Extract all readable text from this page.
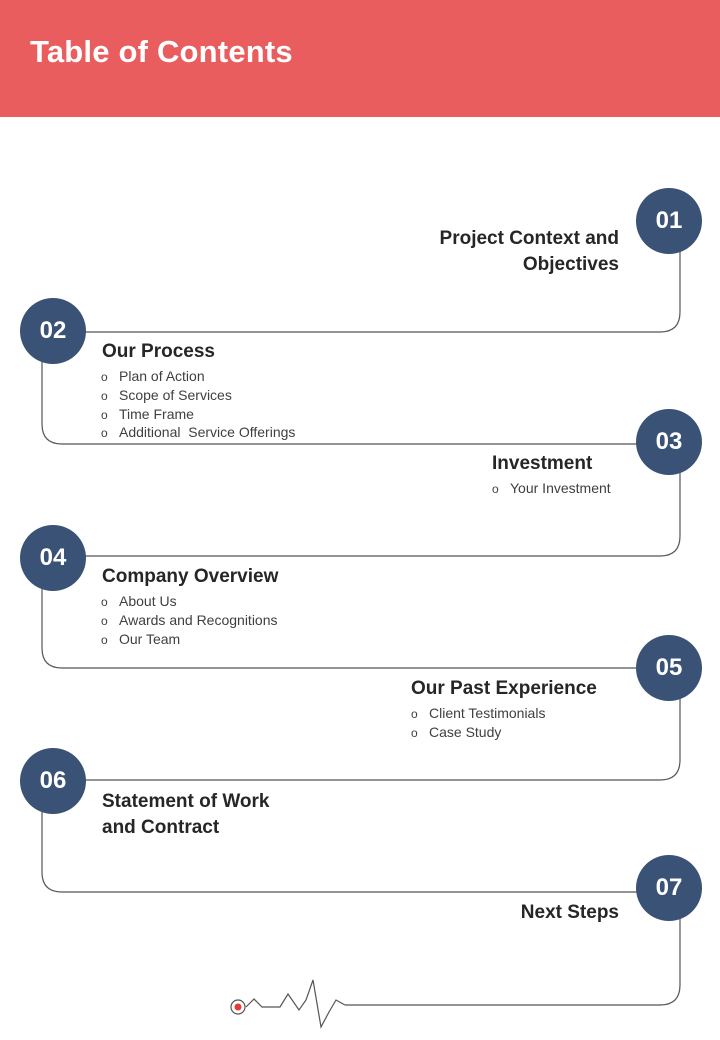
Table of Contents
01
Project Context and
Objectives
02
Our Process
o Plan of Action
o Scope of Services
o Time Frame
o Additional  Service Offerings	03
Investment
o Your Investment
04
Company Overview
o About Us
o Awards and Recognitions
o Our Team
05
Our Past Experience
o Client Testimonials
o Case Study
06
Statement of Work
and Contract
07
Next Steps
